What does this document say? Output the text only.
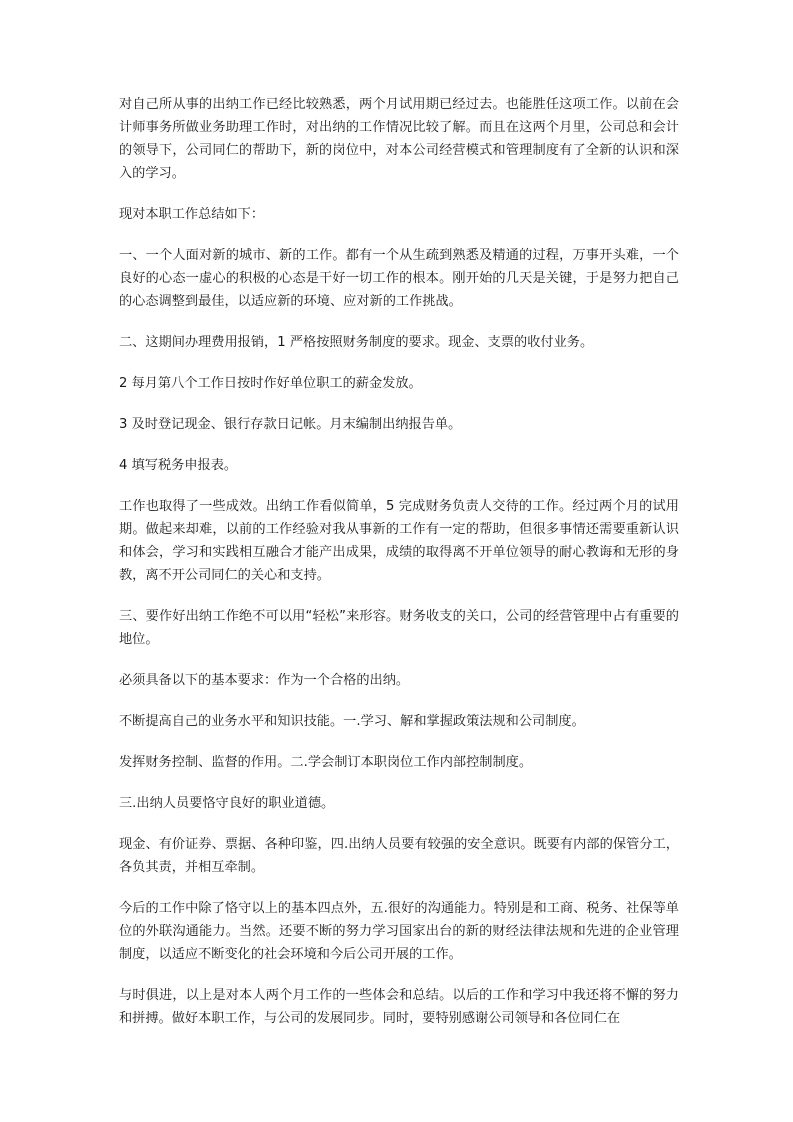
对自己所从事的出纳工作已经比较熟悉，两个月试用期已经过去。也能胜任这项工作。以前在会计师事务所做业务助理工作时，对出纳的工作情况比较了解。而且在这两个月里，公司总和会计的领导下，公司同仁的帮助下，新的岗位中，对本公司经营模式和管理制度有了全新的认识和深入的学习。

现对本职工作总结如下：

一、一个人面对新的城市、新的工作。都有一个从生疏到熟悉及精通的过程，万事开头难，一个良好的心态一虚心的积极的心态是干好一切工作的根本。刚开始的几天是关键，于是努力把自己的心态调整到最佳，以适应新的环境、应对新的工作挑战。

二、这期间办理费用报销，1 严格按照财务制度的要求。现金、支票的收付业务。

2 每月第八个工作日按时作好单位职工的薪金发放。

3 及时登记现金、银行存款日记帐。月末编制出纳报告单。

4 填写税务申报表。

工作也取得了一些成效。出纳工作看似简单，5 完成财务负责人交待的工作。经过两个月的试用期。做起来却难，以前的工作经验对我从事新的工作有一定的帮助，但很多事情还需要重新认识和体会，学习和实践相互融合才能产出成果，成绩的取得离不开单位领导的耐心教诲和无形的身教，离不开公司同仁的关心和支持。

三、要作好出纳工作绝不可以用“轻松”来形容。财务收支的关口，公司的经营管理中占有重要的地位。

必须具备以下的基本要求：作为一个合格的出纳。

不断提高自己的业务水平和知识技能。一.学习、解和掌握政策法规和公司制度。

发挥财务控制、监督的作用。二.学会制订本职岗位工作内部控制制度。

三.出纳人员要恪守良好的职业道德。

现金、有价证券、票据、各种印鉴，四.出纳人员要有较强的安全意识。既要有内部的保管分工，各负其责，并相互牵制。

今后的工作中除了恪守以上的基本四点外，五.很好的沟通能力。特别是和工商、税务、社保等单位的外联沟通能力。当然。还要不断的努力学习国家出台的新的财经法律法规和先进的企业管理制度，以适应不断变化的社会环境和今后公司开展的工作。

与时俱进，以上是对本人两个月工作的一些体会和总结。以后的工作和学习中我还将不懈的努力和拼搏。做好本职工作，与公司的发展同步。同时，要特别感谢公司领导和各位同仁在
